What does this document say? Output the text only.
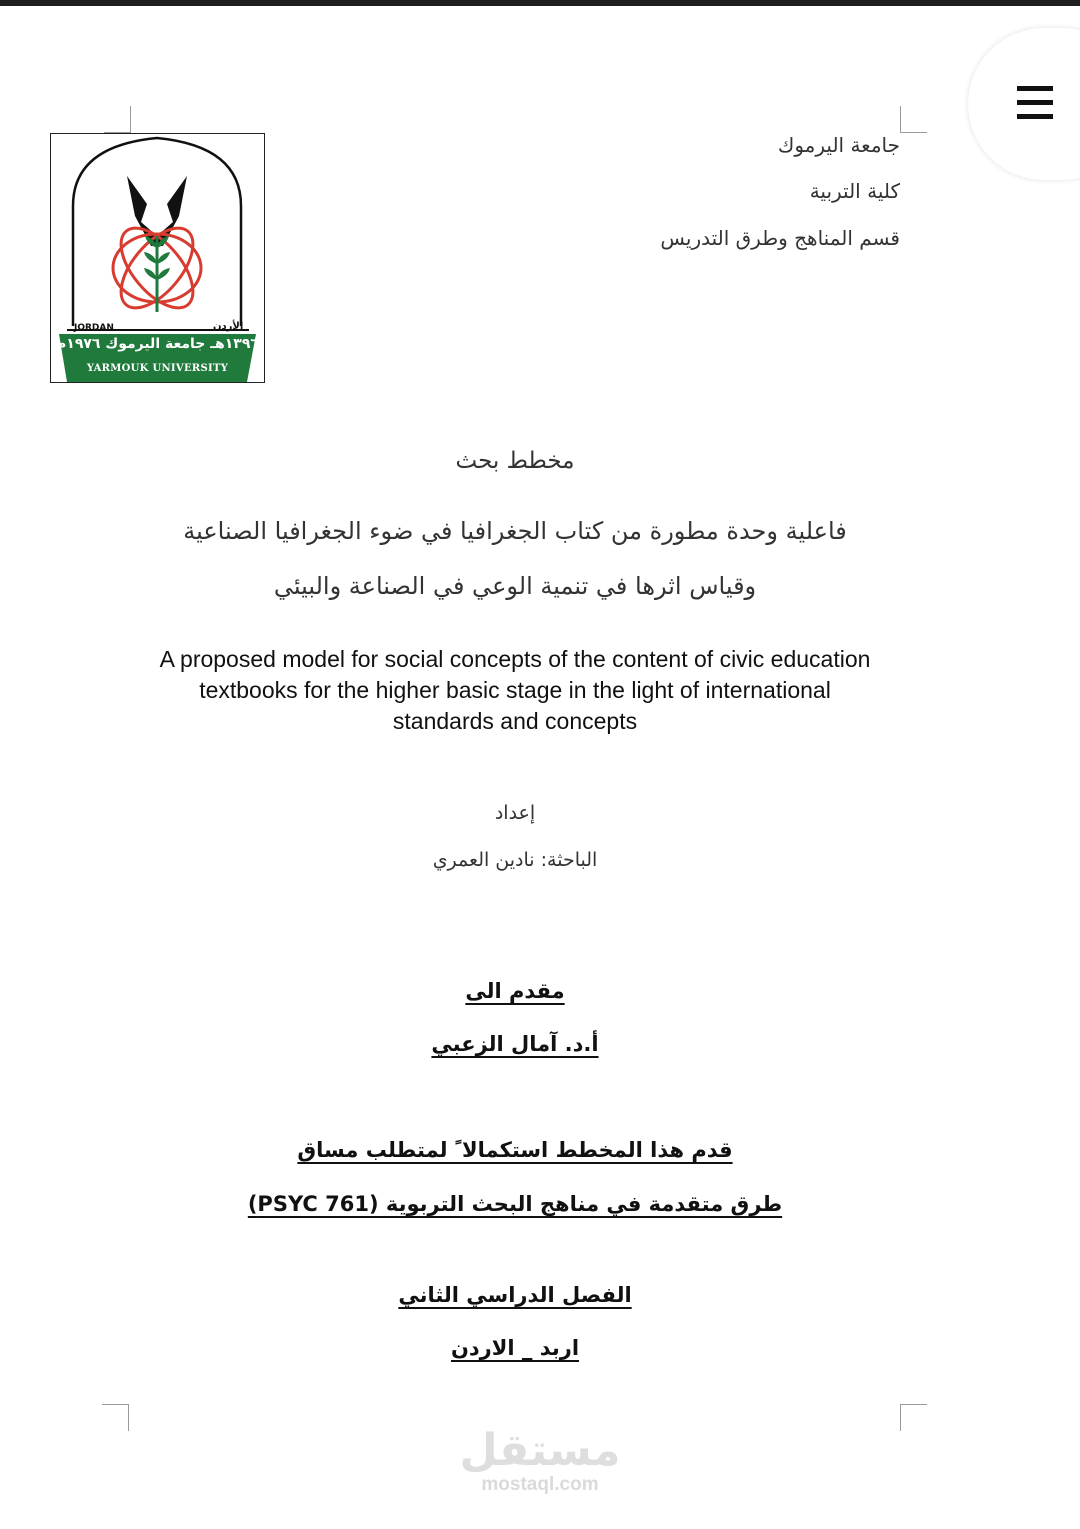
JORDAN	الأردن
١٣٩٦هـ جامعة اليرموك ١٩٧٦م
YARMOUK UNIVERSITY
جامعة اليرموك
كلية التربية
قسم المناهج وطرق التدريس
مخطط بحث
فاعلية وحدة مطورة من كتاب الجغرافيا في ضوء الجغرافيا الصناعية
وقياس اثرها في تنمية الوعي في الصناعة والبيئي
A proposed model for social concepts of the content of civic education textbooks for the higher basic stage in the light of international standards and concepts
إعداد
الباحثة: نادين العمري
مقدم الى
أ.د. آمال الزعبي
قدم هذا المخطط استكمالا ً لمتطلب مساق
طرق متقدمة في مناهج البحث التربوية (PSYC 761)
الفصل الدراسي الثاني
اربد _ الاردن
مستقل
mostaql.com
